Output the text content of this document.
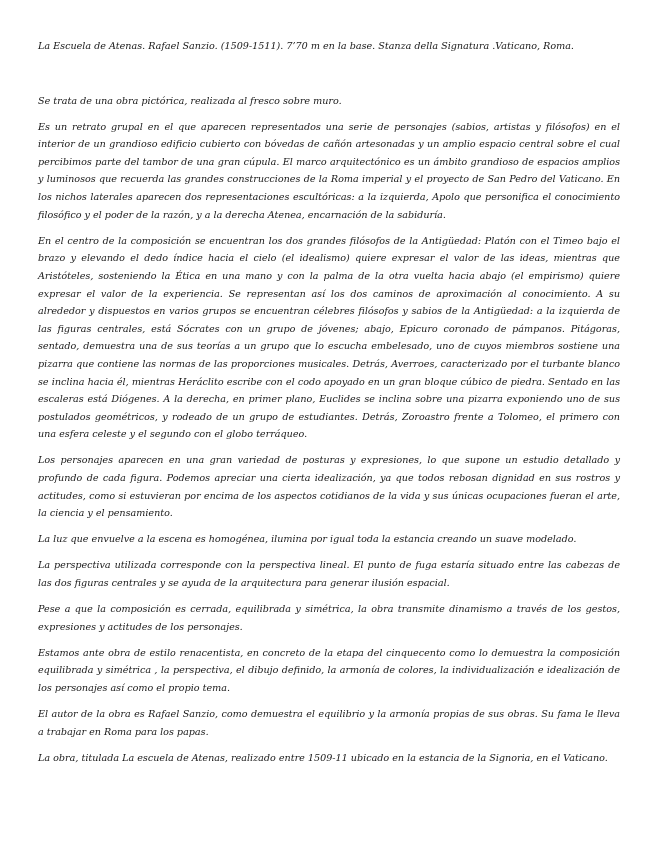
La Escuela de Atenas. Rafael Sanzio. (1509-1511). 7’70 m en la base. Stanza della Signatura .Vaticano, Roma.

Se trata de una obra pictórica, realizada al fresco sobre muro.

Es un retrato grupal en el que aparecen representados una serie de personajes (sabios, artistas y filósofos) en el interior de un grandioso edificio cubierto con bóvedas de cañón artesonadas y un amplio espacio central sobre el cual percibimos parte del tambor de una gran cúpula. El marco arquitectónico es un ámbito grandioso de espacios amplios y luminosos que recuerda las grandes construcciones de la Roma imperial y el proyecto de San Pedro del Vaticano. En los nichos laterales aparecen dos representaciones escultóricas: a la izquierda, Apolo que personifica el conocimiento filosófico y el poder de la razón, y a la derecha Atenea, encarnación de la sabiduría.

En el centro de la composición se encuentran los dos grandes filósofos de la Antigüedad: Platón con el Timeo bajo el brazo y elevando el dedo índice hacia el cielo (el idealismo) quiere expresar el valor de las ideas, mientras que Aristóteles, sosteniendo la Ética en una mano y con la palma de la otra vuelta hacia abajo (el empirismo) quiere expresar el valor de la experiencia. Se representan así los dos caminos de aproximación al conocimiento. A su alrededor y dispuestos en varios grupos se encuentran célebres filósofos y sabios de la Antigüedad: a la izquierda de las figuras centrales, está Sócrates con un grupo de jóvenes; abajo, Epicuro coronado de pámpanos. Pitágoras, sentado, demuestra una de sus teorías a un grupo que lo escucha embelesado, uno de cuyos miembros sostiene una pizarra que contiene las normas de las proporciones musicales. Detrás, Averroes, caracterizado por el turbante blanco se inclina hacia él, mientras Heráclito escribe con el codo apoyado en un gran bloque cúbico de piedra. Sentado en las escaleras está Diógenes. A la derecha, en primer plano, Euclides se inclina sobre una pizarra exponiendo uno de sus postulados geométricos, y rodeado de un grupo de estudiantes. Detrás, Zoroastro frente a Tolomeo, el primero con una esfera celeste y el segundo con el globo terráqueo.

Los personajes aparecen en una gran variedad de posturas y expresiones, lo que supone un estudio detallado y profundo de cada figura. Podemos apreciar una cierta idealización, ya que todos rebosan dignidad en sus rostros y actitudes, como si estuvieran por encima de los aspectos cotidianos de la vida y sus únicas ocupaciones fueran el arte, la ciencia y el pensamiento.

La luz que envuelve a la escena es homogénea, ilumina por igual toda la estancia creando un suave modelado.

La perspectiva utilizada corresponde con la perspectiva lineal. El punto de fuga estaría situado entre las cabezas de las dos figuras centrales y se ayuda de la arquitectura para generar ilusión espacial.

Pese a que la composición es cerrada, equilibrada y simétrica, la obra transmite dinamismo a través de los gestos, expresiones y actitudes de los personajes.

Estamos ante obra de estilo renacentista, en concreto de la etapa del cinquecento como lo demuestra la composición equilibrada y simétrica , la perspectiva, el dibujo definido, la armonía de colores, la individualización e idealización de los personajes así como el propio tema.

El autor de la obra es Rafael Sanzio, como demuestra el equilibrio y la armonía propias de sus obras. Su fama le lleva a trabajar en Roma para los papas.

La obra, titulada La escuela de Atenas, realizado entre 1509-11 ubicado en la estancia de la Signoria, en el Vaticano.
